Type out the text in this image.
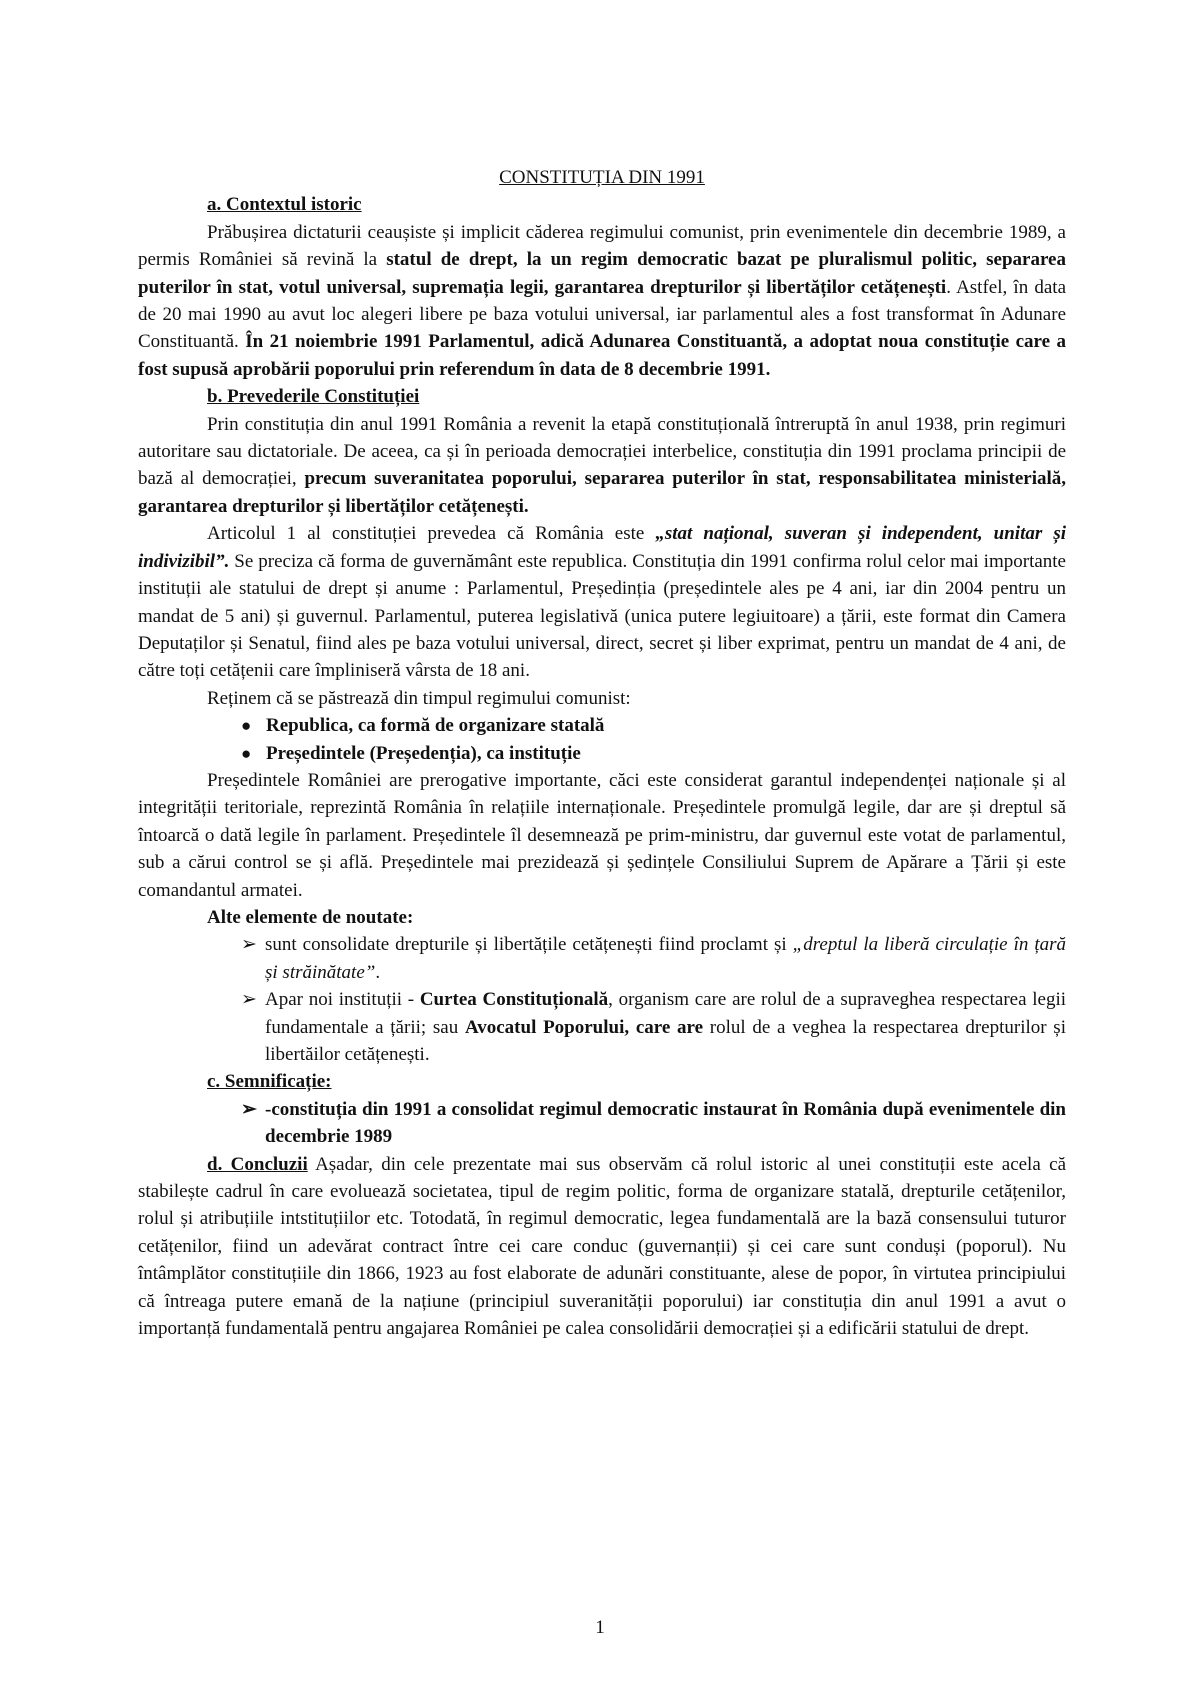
CONSTITUȚIA DIN 1991

a. Contextul istoric

Prăbușirea dictaturii ceaușiste și implicit căderea regimului comunist, prin evenimentele din decembrie 1989, a permis României să revină la statul de drept, la un regim democratic bazat pe pluralismul politic, separarea puterilor în stat, votul universal, supremația legii, garantarea drepturilor și libertăților cetățenești. Astfel, în data de 20 mai 1990 au avut loc alegeri libere pe baza votului universal, iar parlamentul ales a fost transformat în Adunare Constituantă. În 21 noiembrie 1991 Parlamentul, adică Adunarea Constituantă, a adoptat noua constituție care a fost supusă aprobării poporului prin referendum în data de 8 decembrie 1991.

b. Prevederile Constituției

Prin constituția din anul 1991 România a revenit la etapă constituțională întreruptă în anul 1938, prin regimuri autoritare sau dictatoriale. De aceea, ca și în perioada democrației interbelice, constituția din 1991 proclama principii de bază al democrației, precum suveranitatea poporului, separarea puterilor în stat, responsabilitatea ministerială, garantarea drepturilor și libertăților cetățenești.

Articolul 1 al constituției prevedea că România este „stat național, suveran și independent, unitar și indivizibil”. Se preciza că forma de guvernământ este republica. Constituția din 1991 confirma rolul celor mai importante instituții ale statului de drept și anume : Parlamentul, Președinția (președintele ales pe 4 ani, iar din 2004 pentru un mandat de 5 ani) și guvernul. Parlamentul, puterea legislativă (unica putere legiuitoare) a țării, este format din Camera Deputaților și Senatul, fiind ales pe baza votului universal, direct, secret și liber exprimat, pentru un mandat de 4 ani, de către toți cetățenii care împliniseră vârsta de 18 ani.

Reținem că se păstrează din timpul regimului comunist:

● Republica, ca formă de organizare statală

● Președintele (Președenția), ca instituție

Președintele României are prerogative importante, căci este considerat garantul independenței naționale și al integrității teritoriale, reprezintă România în relațiile internaționale. Președintele promulgă legile, dar are și dreptul să întoarcă o dată legile în parlament. Președintele îl desemnează pe prim-ministru, dar guvernul este votat de parlamentul, sub a cărui control se și află. Președintele mai prezidează și ședințele Consiliului Suprem de Apărare a Țării și este comandantul armatei.

Alte elemente de noutate:

➢ sunt consolidate drepturile și libertățile cetățenești fiind proclamt și „dreptul la liberă circulație în țară și străinătate”.

➢ Apar noi instituții - Curtea Constituțională, organism care are rolul de a supraveghea respectarea legii fundamentale a țării; sau Avocatul Poporului, care are rolul de a veghea la respectarea drepturilor și libertăilor cetățenești.

c. Semnificație:

➢ -constituția din 1991 a consolidat regimul democratic instaurat în România după evenimentele din decembrie 1989

d. Concluzii Așadar, din cele prezentate mai sus observăm că rolul istoric al unei constituții este acela că stabilește cadrul în care evoluează societatea, tipul de regim politic, forma de organizare statală, drepturile cetățenilor, rolul și atribuțiile intstituțiilor etc. Totodată, în regimul democratic, legea fundamentală are la bază consensului tuturor cetățenilor, fiind un adevărat contract între cei care conduc (guvernanții) și cei care sunt conduși (poporul). Nu întâmplător constituțiile din 1866, 1923 au fost elaborate de adunări constituante, alese de popor, în virtutea principiului că întreaga putere emană de la națiune (principiul suveranității poporului) iar constituția din anul 1991 a avut o importanță fundamentală pentru angajarea României pe calea consolidării democrației și a edificării statului de drept.

1
